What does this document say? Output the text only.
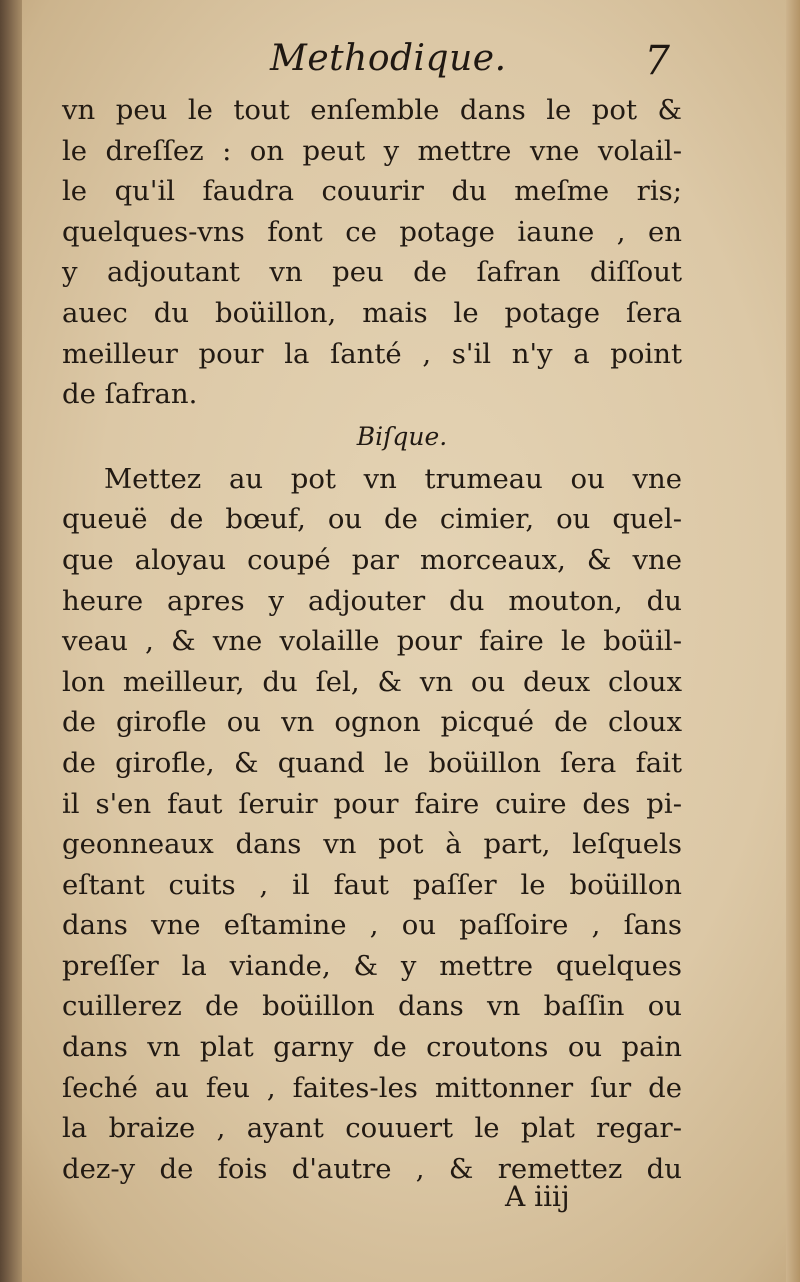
Methodique.	7
vn peu le tout enſemble dans le pot &
le dreſſez : on peut y mettre vne volail-
le qu'il faudra couurir du meſme ris;
quelques-vns font ce potage iaune , en
y adjoutant vn peu de ſafran diſſout
auec du boüillon, mais le potage ſera
meilleur pour la ſanté , s'il n'y a point
de ſafran.
Biſque.
Mettez au pot vn trumeau ou vne
queuë de bœuf, ou de cimier, ou quel-
que aloyau coupé par morceaux, & vne
heure apres y adjouter du mouton, du
veau , & vne volaille pour faire le boüil-
lon meilleur, du ſel, & vn ou deux cloux
de girofle ou vn ognon picqué de cloux
de girofle, & quand le boüillon ſera fait
il s'en faut ſeruir pour faire cuire des pi-
geonneaux dans vn pot à part, leſquels
eſtant cuits , il faut paſſer le boüillon
dans vne eſtamine , ou paſſoire , ſans
preſſer la viande, & y mettre quelques
cuillerez de boüillon dans vn baſſin ou
dans vn plat garny de croutons ou pain
ſeché au feu , faites-les mittonner ſur de
la braize , ayant couuert le plat regar-
dez-y de fois d'autre , & remettez du
A iiij
